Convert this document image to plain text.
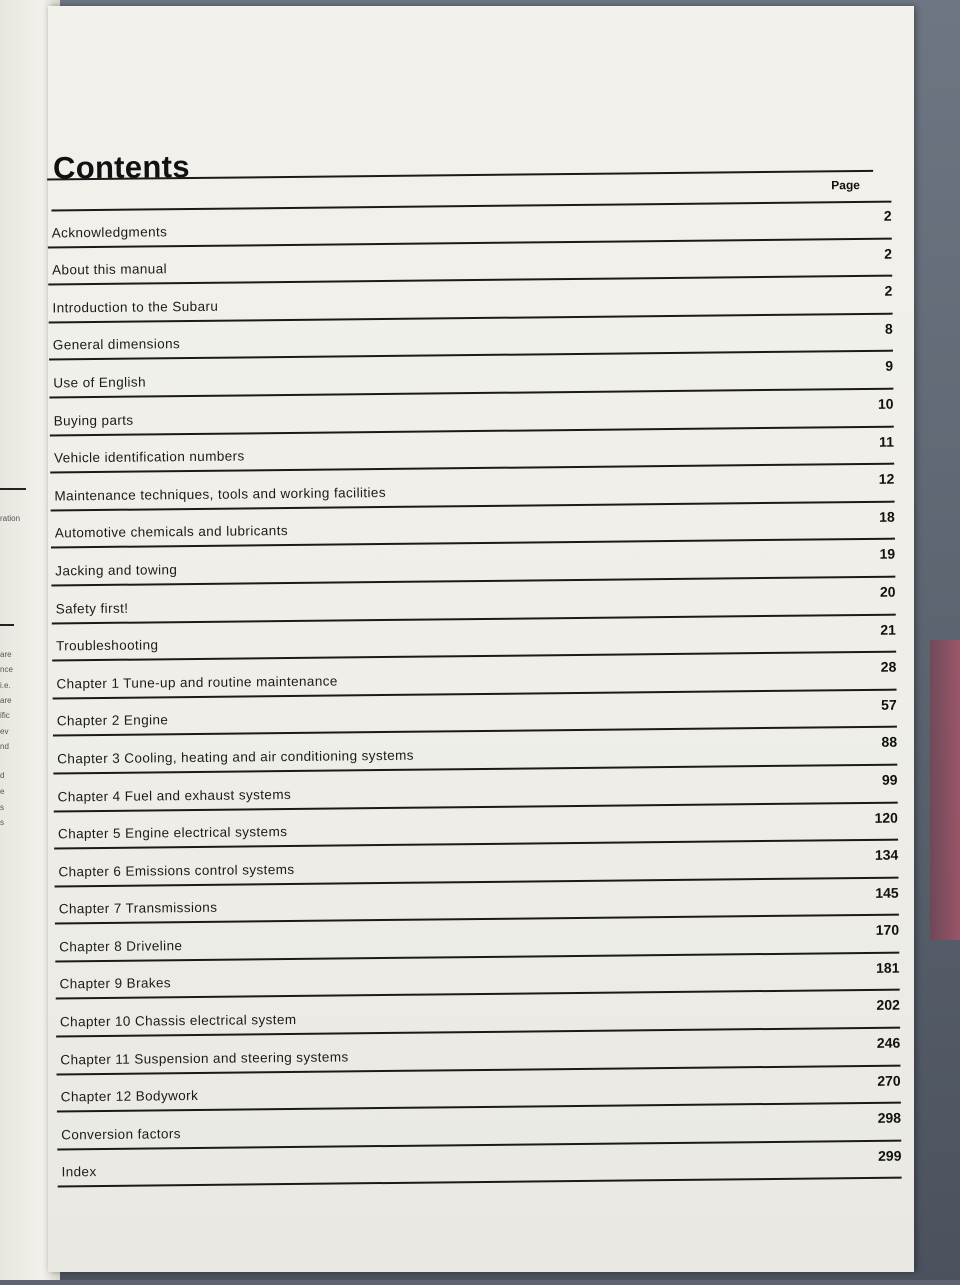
ration
are
nce
i.e.
are
ific
ev
nd
d
e
s
s
Contents	Page
Acknowledgments
2
About this manual
2
Introduction to the Subaru
2
General dimensions
8
Use of English
9
Buying parts
10
Vehicle identification numbers
11
Maintenance techniques, tools and working facilities
12
Automotive chemicals and lubricants
18
Jacking and towing
19
Safety first!
20
Troubleshooting
21
Chapter 1 Tune-up and routine maintenance
28
Chapter 2 Engine
57
Chapter 3 Cooling, heating and air conditioning systems
88
Chapter 4 Fuel and exhaust systems
99
Chapter 5 Engine electrical systems
120
Chapter 6 Emissions control systems
134
Chapter 7 Transmissions
145
Chapter 8 Driveline
170
Chapter 9 Brakes
181
Chapter 10 Chassis electrical system
202
Chapter 11 Suspension and steering systems
246
Chapter 12 Bodywork
270
Conversion factors
298
Index
299
